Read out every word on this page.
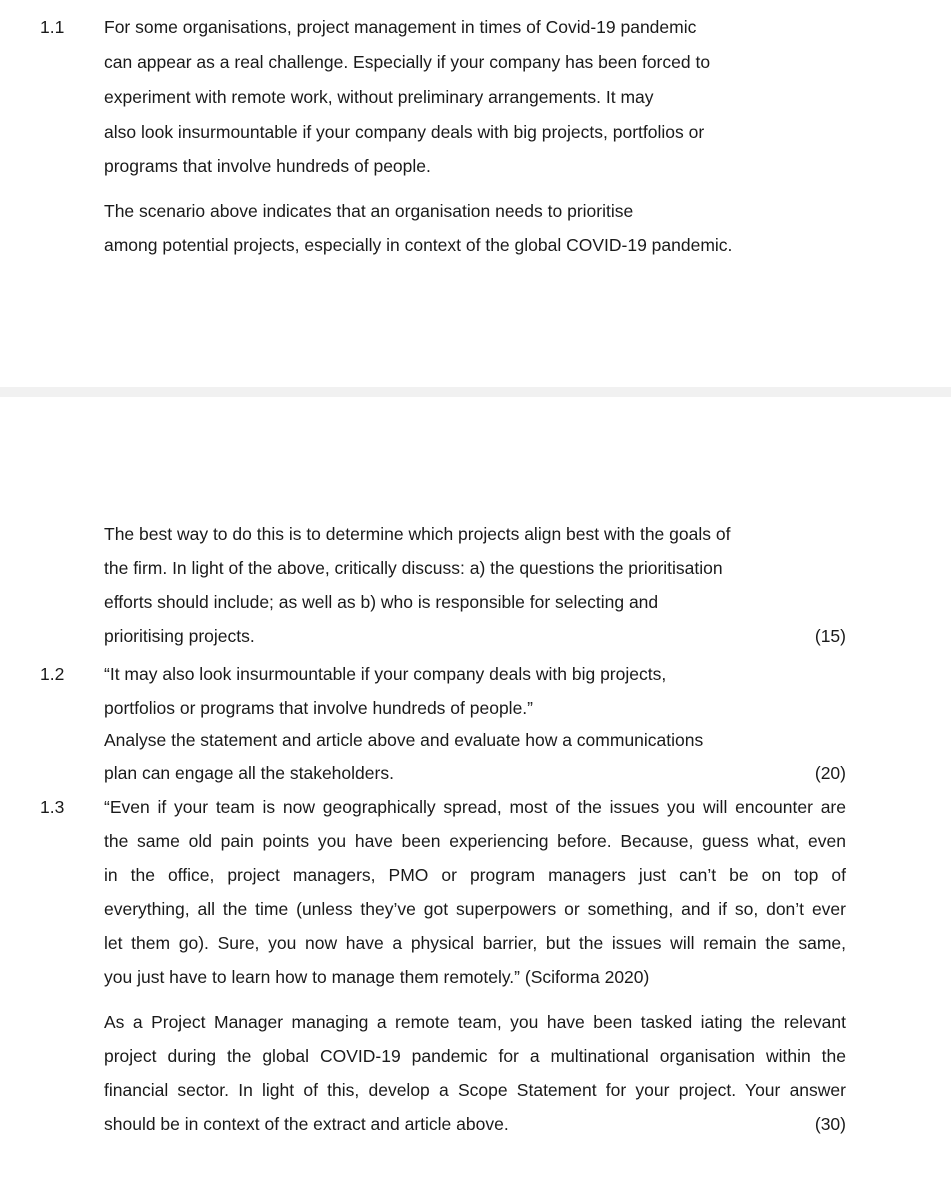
1.1 For some organisations, project management in times of Covid-19 pandemic
can appear as a real challenge. Especially if your company has been forced to
experiment with remote work, without preliminary arrangements. It may
also look insurmountable if your company deals with big projects, portfolios or
programs that involve hundreds of people.
The scenario above indicates that an organisation needs to prioritise
among potential projects, especially in context of the global COVID-19 pandemic.
The best way to do this is to determine which projects align best with the goals of
the firm. In light of the above, critically discuss: a) the questions the prioritisation
efforts should include; as well as b) who is responsible for selecting and
prioritising projects.	(15)
1.2 “It may also look insurmountable if your company deals with big projects,
portfolios or programs that involve hundreds of people.”
Analyse the statement and article above and evaluate how a communications
plan can engage all the stakeholders.	(20)
1.3 “Even if your team is now geographically spread, most of the issues you will encounter are
the same old pain points you have been experiencing before. Because, guess what, even
in the office, project managers, PMO or program managers just can’t be on top of
everything, all the time (unless they’ve got superpowers or something, and if so, don’t ever
let them go). Sure, you now have a physical barrier, but the issues will remain the same,
you just have to learn how to manage them remotely.” (Sciforma 2020)
As a Project Manager managing a remote team, you have been tasked iating the relevant
project during the global COVID-19 pandemic for a multinational organisation within the
financial sector. In light of this, develop a Scope Statement for your project. Your answer
should be in context of the extract and article above.	(30)
